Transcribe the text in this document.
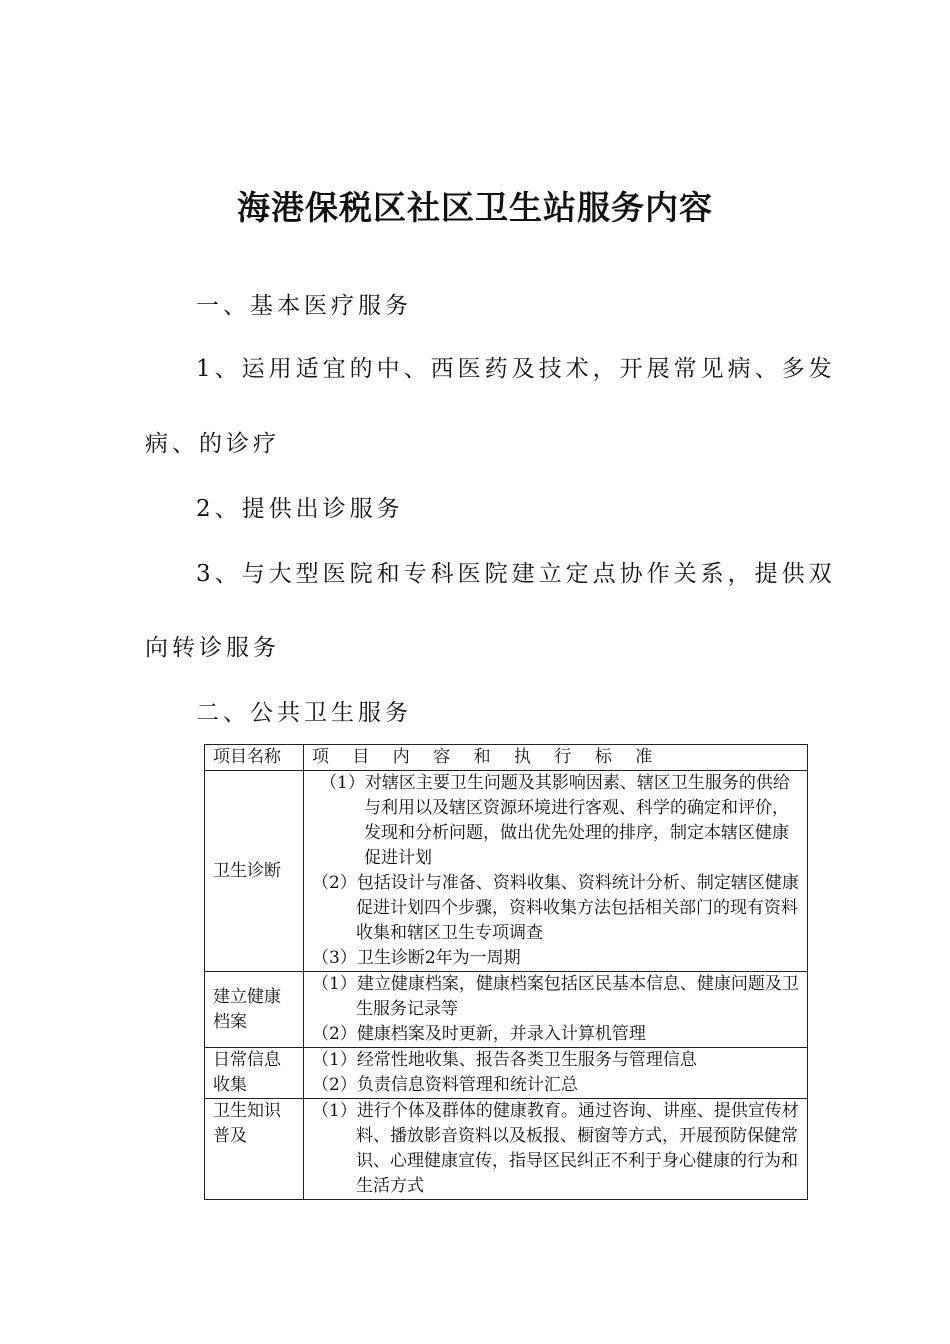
海港保税区社区卫生站服务内容
一、基本医疗服务
1、运用适宜的中、西医药及技术，开展常见病、多发
病、的诊疗
2、提供出诊服务
3、与大型医院和专科医院建立定点协作关系，提供双
向转诊服务
二、公共卫生服务
项目名称	项 目 内 容 和 执 行 标 准
卫生诊断	（1）对辖区主要卫生问题及其影响因素、辖区卫生服务的供给与利用以及辖区资源环境进行客观、科学的确定和评价，发现和分析问题，做出优先处理的排序，制定本辖区健康促进计划
（2）包括设计与准备、资料收集、资料统计分析、制定辖区健康促进计划四个步骤，资料收集方法包括相关部门的现有资料收集和辖区卫生专项调查
（3）卫生诊断2年为一周期

建立健康档案	（1）建立健康档案，健康档案包括区民基本信息、健康问题及卫生服务记录等
（2）健康档案及时更新，并录入计算机管理

日常信息收集	（1）经常性地收集、报告各类卫生服务与管理信息
（2）负责信息资料管理和统计汇总

卫生知识普及	（1）进行个体及群体的健康教育。通过咨询、讲座、提供宣传材料、播放影音资料以及板报、橱窗等方式，开展预防保健常识、心理健康宣传，指导区民纠正不利于身心健康的行为和生活方式
